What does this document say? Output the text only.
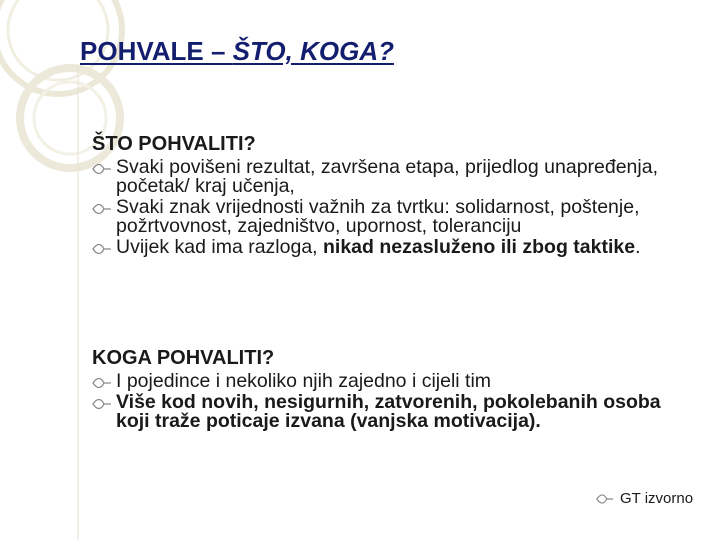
POHVALE – ŠTO, KOGA?
ŠTO POHVALITI?
Svaki povišeni rezultat, završena etapa, prijedlog unapređenja, početak/ kraj učenja,
Svaki znak vrijednosti važnih za tvrtku: solidarnost, poštenje, požrtvovnost, zajedništvo, upornost, toleranciju
Uvijek kad ima razloga, nikad nezasluženo ili zbog taktike.
KOGA POHVALITI?
I pojedince i nekoliko njih zajedno i cijeli tim
Više kod novih, nesigurnih, zatvorenih, pokolebanih osoba koji traže poticaje izvana (vanjska motivacija).
GT izvorno
